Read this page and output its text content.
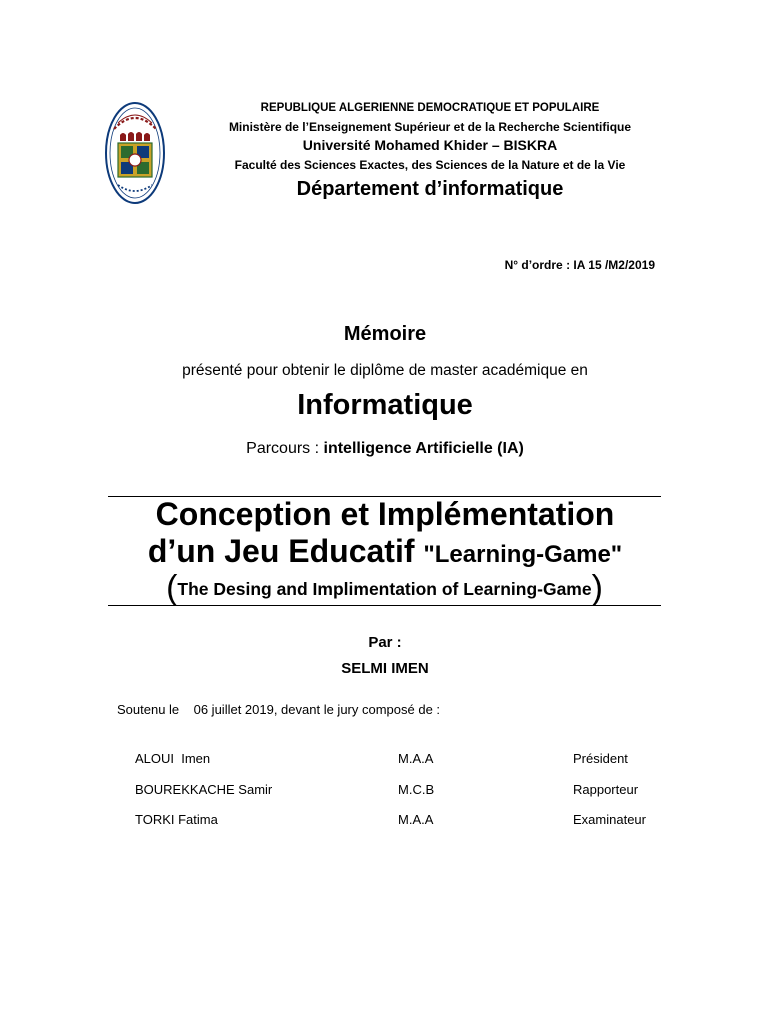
REPUBLIQUE ALGERIENNE DEMOCRATIQUE ET POPULAIRE
Ministère de l’Enseignement Supérieur et de la Recherche Scientifique
Université Mohamed Khider – BISKRA
Faculté des Sciences Exactes, des Sciences de la Nature et de la Vie
Département d’informatique
N° d’ordre : IA 15 /M2/2019
Mémoire
présenté pour obtenir le diplôme de master académique en
Informatique
Parcours : intelligence Artificielle (IA)
Conception et Implémentation
d’un Jeu Educatif "Learning-Game"
(The Desing and Implimentation of Learning-Game)
Par :
SELMI IMEN
Soutenu le    06 juillet 2019, devant le jury composé de :
ALOUI  Imen	M.A.A	Président
BOUREKKACHE Samir	M.C.B	Rapporteur
TORKI Fatima	M.A.A	Examinateur
